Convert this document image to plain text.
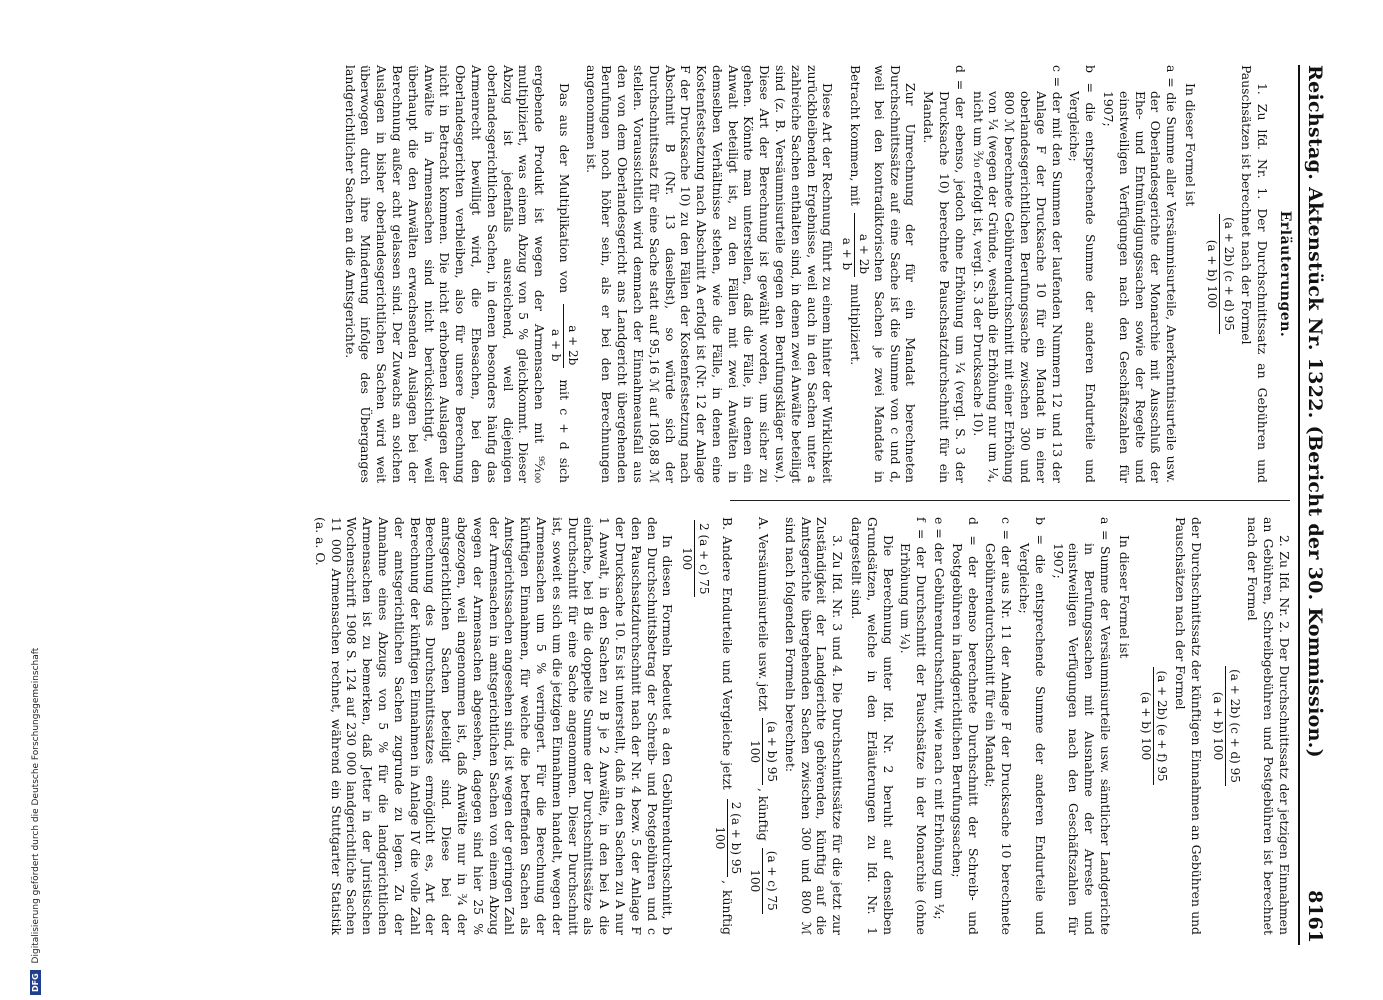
Reichstag. Aktenstück Nr. 1322. (Bericht der 30. Kommission.)
8161
Erläuterungen.

1. Zu lfd. Nr. 1. Der Durchschnittssatz an Gebühren und Pauschsätzen ist berechnet nach der Formel

(a + 2b) (c + d) 95
(a + b) 100

In dieser Formel ist

a = die Summe aller Versäumnisurteile, Anerkenntnisurteile usw. der Oberlandesgerichte der Monarchie mit Ausschluß der Ehe- und Entmündigungssachen sowie der Regelte und einstweiligen Verfügungen nach den Geschäftszahlen für 1907;
b = die entsprechende Summe der anderen Endurteile und Vergleiche;
c = der mit den Summen der laufenden Nummern 12 und 13 der Anlage F der Drucksache 10 für ein Mandat in einer oberlandesgerichtlichen Berufungssache zwischen 300 und 800 ℳ berechnete Gebührendurchschnitt mit einer Erhöhung von ¼ (wegen der Gründe, weshalb die Erhöhung nur um ¼, nicht um ³⁄₁₀ erfolgt ist, vergl. S. 3 der Drucksache 10).
d = der ebenso, jedoch ohne Erhöhung um ¼ (vergl. S. 3 der Drucksache 10) berechnete Pauschsatzdurchschnitt für ein Mandat.

Zur Umrechnung der für ein Mandat berechneten Durchschnittssätze auf eine Sache ist die Summe von c und d, weil bei den kontradiktorischen Sachen je zwei Mandate in Betracht kommen, mit
a + 2b
a + b
multipliziert.

Diese Art der Rechnung führt zu einem hinter der Wirklichkeit zurückbleibenden Ergebnisse, weil auch in den Sachen unter a zahlreiche Sachen enthalten sind, in denen zwei Anwälte beteiligt sind (z. B. Versäumnisurteile gegen den Berufungskläger usw.). Diese Art der Berechnung ist gewählt worden, um sicher zu gehen. Könnte man unterstellen, daß die Fälle, in denen ein Anwalt beteiligt ist, zu den Fällen mit zwei Anwälten in demselben Verhältnisse stehen, wie die Fälle, in denen eine Kostenfestsetzung nach Abschnitt A erfolgt ist (Nr. 12 der Anlage F der Drucksache 10) zu den Fällen der Kostenfestsetzung nach Abschnitt B (Nr. 13 daselbst), so würde sich der Durchschnittssatz für eine Sache statt auf 95,16 ℳ auf 108,88 ℳ stellen. Voraussichtlich wird demnach der Einnahmeausfall aus den von dem Oberlandesgericht ans Landgericht übergehenden Berufungen noch höher sein, als er bei den Berechnungen angenommen ist.

Das aus der Multiplikation von
a + 2b
a + b
mit c + d sich ergebende Produkt ist wegen der Armensachen mit ⁹⁵⁄₁₀₀ multipliziert, was einem Abzug von 5 % gleichkommt. Dieser Abzug ist jedenfalls ausreichend, weil diejenigen oberlandesgerichtlichen Sachen, in denen besonders häufig das Armenrecht bewilligt wird, die Ehesachen, bei den Oberlandesgerichten verbleiben, also für unsere Berechnung nicht in Betracht kommen. Die nicht erhobenen Auslagen der Anwälte in Armensachen sind nicht berücksichtigt, weil überhaupt die den Anwälten erwachsenden Auslagen bei der Berechnung außer acht gelassen sind. Der Zuwachs an solchen Auslagen in bisher oberlandesgerichtlichen Sachen wird weit überwogen durch ihre Minderung infolge des Überganges landgerichtlicher Sachen an die Amtsgerichte.

2. Zu lfd. Nr. 2. Der Durchschnittssatz der jetzigen Einnahmen an Gebühren, Schreibgebühren und Postgebühren ist berechnet nach der Formel

(a + 2b) (c + d) 95
(a + b) 100

der Durchschnittssatz der künftigen Einnahmen an Gebühren und Pauschsätzen nach der Formel

(a + 2b) (e + f) 95
(a + b) 100

In dieser Formel ist

a = Summe der Versäumnisurteile usw. sämtlicher Landgerichte in Berufungssachen mit Ausnahme der Arreste und einstweiligen Verfügungen nach den Geschäftszahlen für 1907;
b = die entsprechende Summe der anderen Endurteile und Vergleiche;
c = der aus Nr. 11 der Anlage F der Drucksache 10 berechnete Gebührendurchschnitt für ein Mandat;
d = der ebenso berechnete Durchschnitt der Schreib- und Postgebühren in landgerichtlichen Berufungssachen;
e = der Gebührendurchschnitt, wie nach c mit Erhöhung um ¼;
f = der Durchschnitt der Pauschsätze in der Monarchie (ohne Erhöhung um ¼).

Die Berechnung unter lfd. Nr. 2 beruht auf denselben Grundsätzen, welche in den Erläuterungen zu lfd. Nr. 1 dargestellt sind.

3. Zu lfd. Nr. 3 und 4. Die Durchschnittssätze für die jetzt zur Zuständigkeit der Landgerichte gehörenden, künftig auf die Amtsgerichte übergehenden Sachen zwischen 300 und 800 ℳ sind nach folgenden Formeln berechnet:

A. Versäumnisurteile usw. jetzt
(a + b) 95
100
, künftig
(a + c) 75
100
B. Andere Endurteile und Vergleiche jetzt
2 (a + b) 95
100
, künftig
2 (a + c) 75
100

In diesen Formeln bedeutet a den Gebührendurchschnitt, b den Durchschnittsbetrag der Schreib- und Postgebühren und c den Pauschsatzdurchschnitt nach der Nr. 4 bezw. 5 der Anlage F der Drucksache 10. Es ist unterstellt, daß in den Sachen zu A nur 1 Anwalt, in den Sachen zu B je 2 Anwälte, in den bei A die einfache, bei B die doppelte Summe der Durchschnittssätze als Durchschnitt für eine Sache angenommen. Dieser Durchschnitt ist, soweit es sich um die jetzigen Einnahmen handelt, wegen der Armensachen um 5 % verringert. Für die Berechnung der künftigen Einnahmen, für welche die betreffenden Sachen als Amtsgerichtssachen angesehen sind, ist wegen der geringen Zahl der Armensachen in amtsgerichtlichen Sachen von einem Abzug wegen der Armensachen abgesehen, dagegen sind hier 25 % abgezogen, weil angenommen ist, daß Anwälte nur in ¾ der amtsgerichtlichen Sachen beteiligt sind. Diese bei der Berechnung des Durchschnittssatzes ermöglicht es, Art der Berechnung der künftigen Einnahmen in Anlage IV die volle Zahl der amtsgerichtlichen Sachen zugrunde zu legen. Zu der Annahme eines Abzugs von 5 % für die landgerichtlichen Armensachen ist zu bemerken, daß Jetter in der Juristischen Wochenschrift 1908 S. 124 auf 230 000 landgerichtliche Sachen 11 000 Armensachen rechnet, während ein Stuttgarter Statistik (a. a. O.

DFG Digitalisierung gefördert durch die Deutsche Forschungsgemeinschaft
